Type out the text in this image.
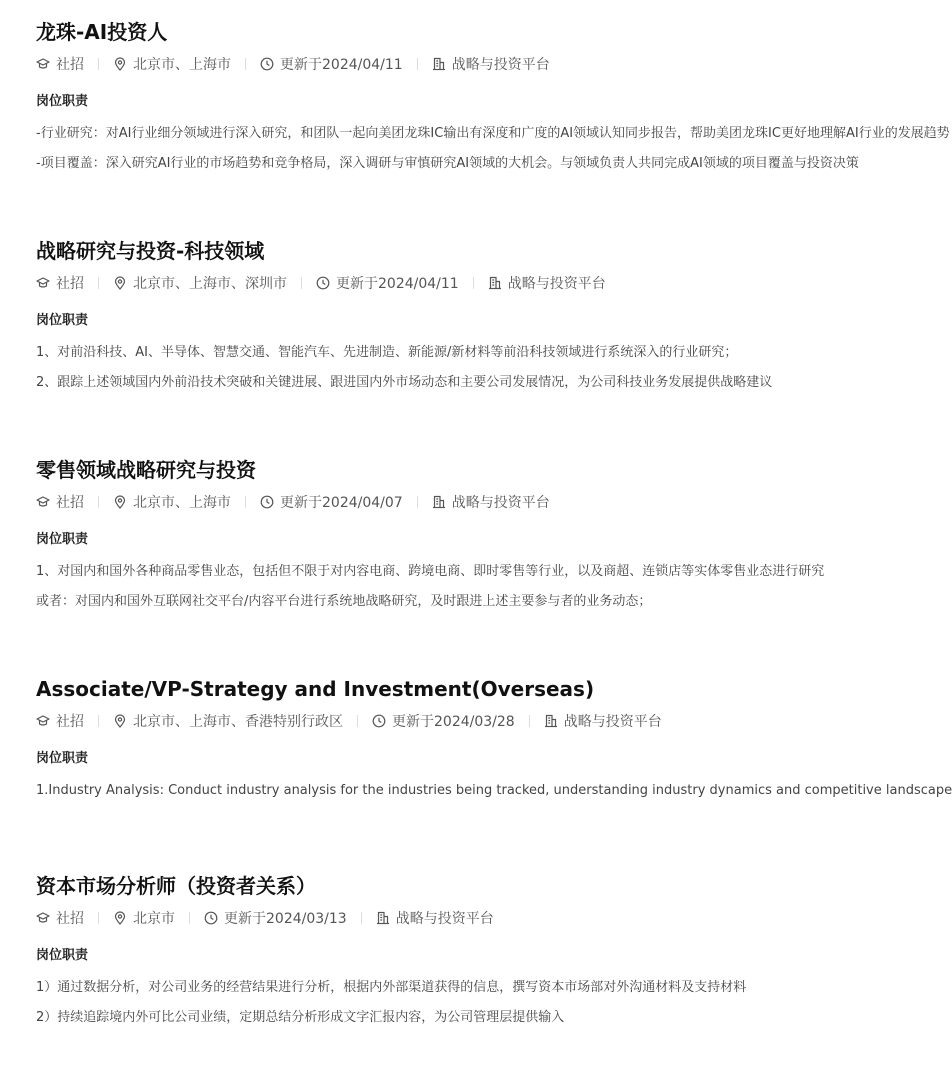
龙珠-AI投资人
社招	北京市、上海市	更新于2024/04/11	战略与投资平台
岗位职责
-行业研究：对AI行业细分领域进行深入研究，和团队一起向美团龙珠IC输出有深度和广度的AI领域认知同步报告，帮助美团龙珠IC更好地理解AI行业的发展趋势
-项目覆盖：深入研究AI行业的市场趋势和竞争格局，深入调研与审慎研究AI领域的大机会。与领域负责人共同完成AI领域的项目覆盖与投资决策
战略研究与投资-科技领域
社招	北京市、上海市、深圳市	更新于2024/04/11	战略与投资平台
岗位职责
1、对前沿科技、AI、半导体、智慧交通、智能汽车、先进制造、新能源/新材料等前沿科技领域进行系统深入的行业研究；
2、跟踪上述领域国内外前沿技术突破和关键进展、跟进国内外市场动态和主要公司发展情况，为公司科技业务发展提供战略建议
零售领域战略研究与投资
社招	北京市、上海市	更新于2024/04/07	战略与投资平台
岗位职责
1、对国内和国外各种商品零售业态，包括但不限于对内容电商、跨境电商、即时零售等行业，以及商超、连锁店等实体零售业态进行研究
或者：对国内和国外互联网社交平台/内容平台进行系统地战略研究，及时跟进上述主要参与者的业务动态；
Associate/VP-Strategy and Investment(Overseas)
社招	北京市、上海市、香港特别行政区	更新于2024/03/28	战略与投资平台
岗位职责
1.Industry Analysis: Conduct industry analysis for the industries being tracked, understanding industry dynamics and competitive landscape
资本市场分析师（投资者关系）
社招	北京市	更新于2024/03/13	战略与投资平台
岗位职责
1）通过数据分析，对公司业务的经营结果进行分析，根据内外部渠道获得的信息，撰写资本市场部对外沟通材料及支持材料
2）持续追踪境内外可比公司业绩，定期总结分析形成文字汇报内容，为公司管理层提供输入
